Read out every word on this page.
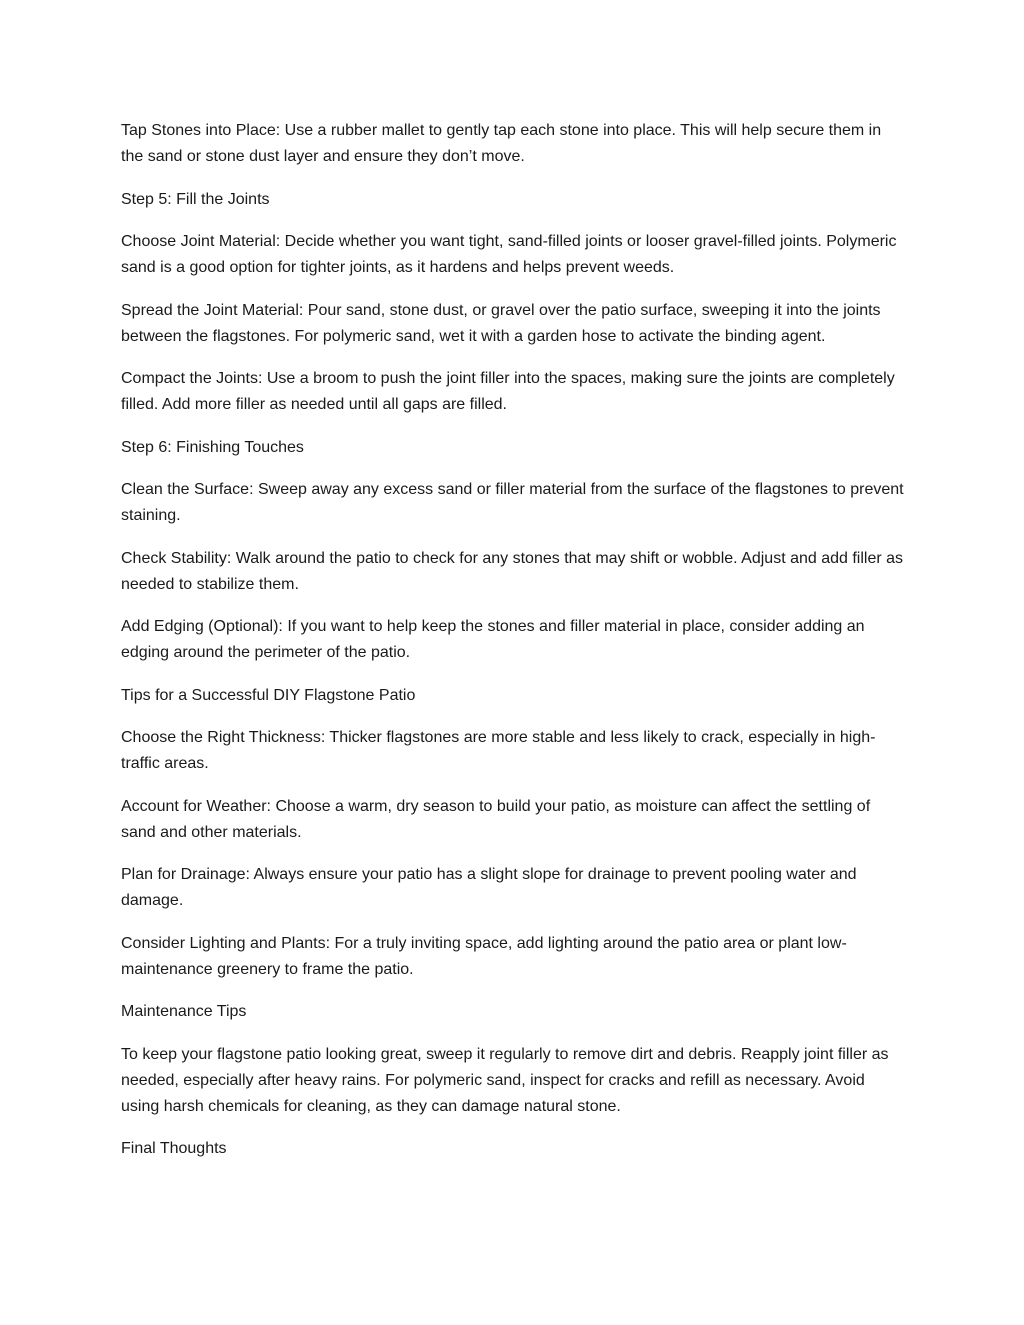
Tap Stones into Place: Use a rubber mallet to gently tap each stone into place. This will help secure them in the sand or stone dust layer and ensure they don’t move.

Step 5: Fill the Joints

Choose Joint Material: Decide whether you want tight, sand-filled joints or looser gravel-filled joints. Polymeric sand is a good option for tighter joints, as it hardens and helps prevent weeds.

Spread the Joint Material: Pour sand, stone dust, or gravel over the patio surface, sweeping it into the joints between the flagstones. For polymeric sand, wet it with a garden hose to activate the binding agent.

Compact the Joints: Use a broom to push the joint filler into the spaces, making sure the joints are completely filled. Add more filler as needed until all gaps are filled.

Step 6: Finishing Touches

Clean the Surface: Sweep away any excess sand or filler material from the surface of the flagstones to prevent staining.

Check Stability: Walk around the patio to check for any stones that may shift or wobble. Adjust and add filler as needed to stabilize them.

Add Edging (Optional): If you want to help keep the stones and filler material in place, consider adding an edging around the perimeter of the patio.

Tips for a Successful DIY Flagstone Patio

Choose the Right Thickness: Thicker flagstones are more stable and less likely to crack, especially in high-traffic areas.

Account for Weather: Choose a warm, dry season to build your patio, as moisture can affect the settling of sand and other materials.

Plan for Drainage: Always ensure your patio has a slight slope for drainage to prevent pooling water and damage.

Consider Lighting and Plants: For a truly inviting space, add lighting around the patio area or plant low-maintenance greenery to frame the patio.

Maintenance Tips

To keep your flagstone patio looking great, sweep it regularly to remove dirt and debris. Reapply joint filler as needed, especially after heavy rains. For polymeric sand, inspect for cracks and refill as necessary. Avoid using harsh chemicals for cleaning, as they can damage natural stone.

Final Thoughts
